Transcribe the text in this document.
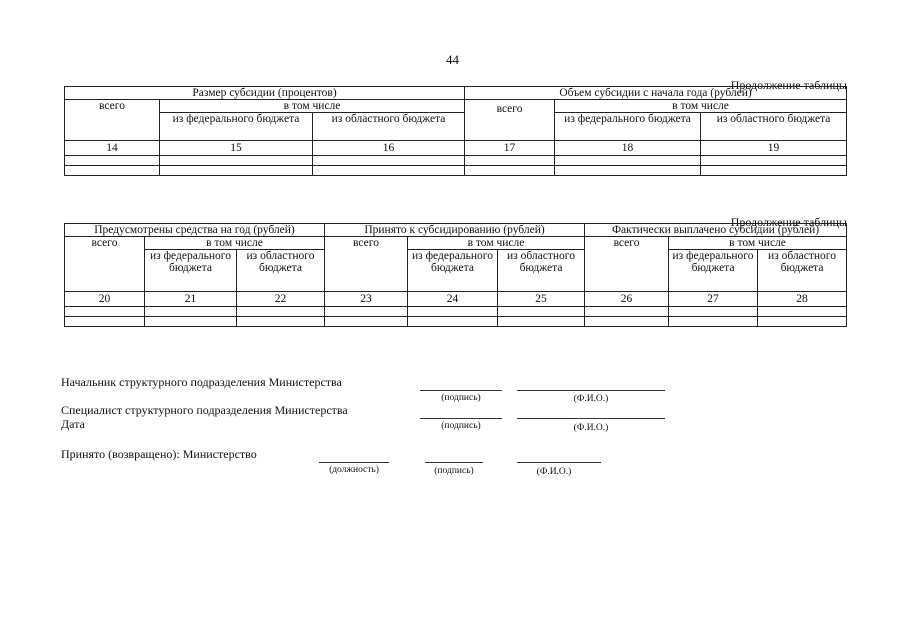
44
Продолжение таблицы
Размер субсидии (процентов)			Объем субсидии с начала года (рублей)		
всего	в том числе		всего	в том числе	
	из федерального бюджета	из областного бюджета		из федерального бюджета	из областного бюджета
14	15	16	17	18	19

Продолжение таблицы
Предусмотрены средства на год (рублей)			Принято к субсидированию (рублей)			Фактически выплачено субсидии (рублей)		
всего	в том числе		всего	в том числе		всего	в том числе	
	из федерального бюджета	из областного бюджета		из федерального бюджета	из областного бюджета		из федерального бюджета	из областного бюджета
20	21	22	23	24	25	26	27	28

Начальник структурного подразделения Министерства
(подпись)	(Ф.И.О.)
Специалист структурного подразделения Министерства
Дата	(подпись)	(Ф.И.О.)
Принято (возвращено): Министерство
(должность)	(подпись)	(Ф.И.О.)
